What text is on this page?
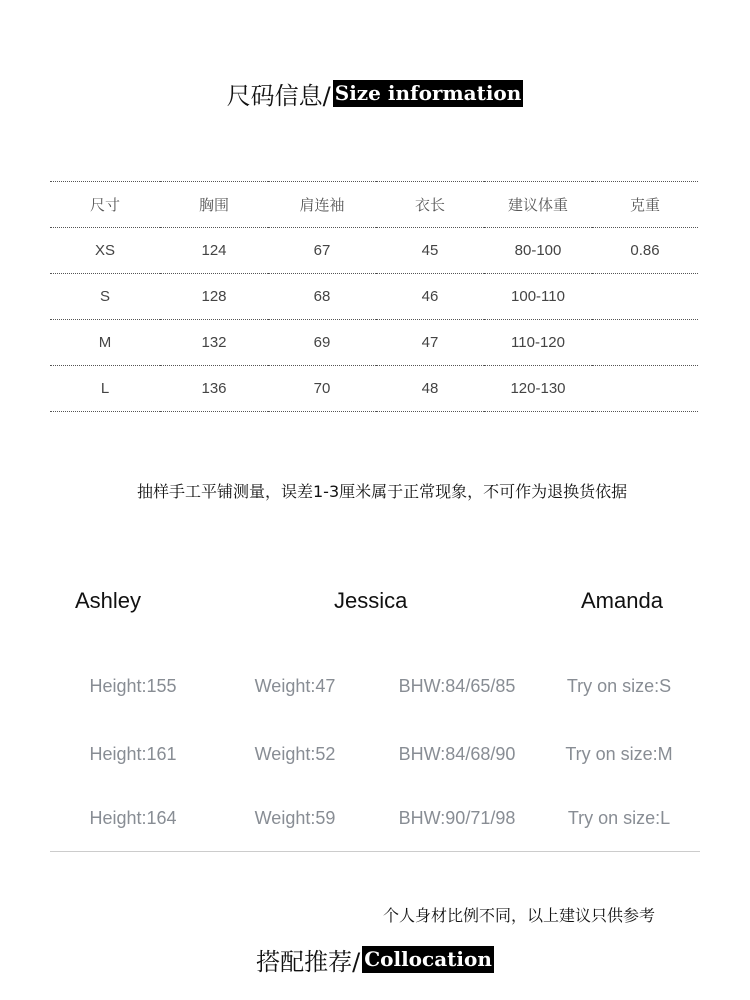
尺码信息/ Size information
尺寸	胸围	肩连袖	衣长	建议体重	克重
XS	124	67	45	80-100	0.86
S	128	68	46	100-110	
M	132	69	47	110-120	
L	136	70	48	120-130	
抽样手工平铺测量，误差1-3厘米属于正常现象，不可作为退换货依据
Ashley	Jessica	Amanda
Height:155	Weight:47	BHW:84/65/85	Try on size:S
Height:161	Weight:52	BHW:84/68/90	Try on size:M
Height:164	Weight:59	BHW:90/71/98	Try on size:L
个人身材比例不同，以上建议只供参考
搭配推荐/ Collocation
